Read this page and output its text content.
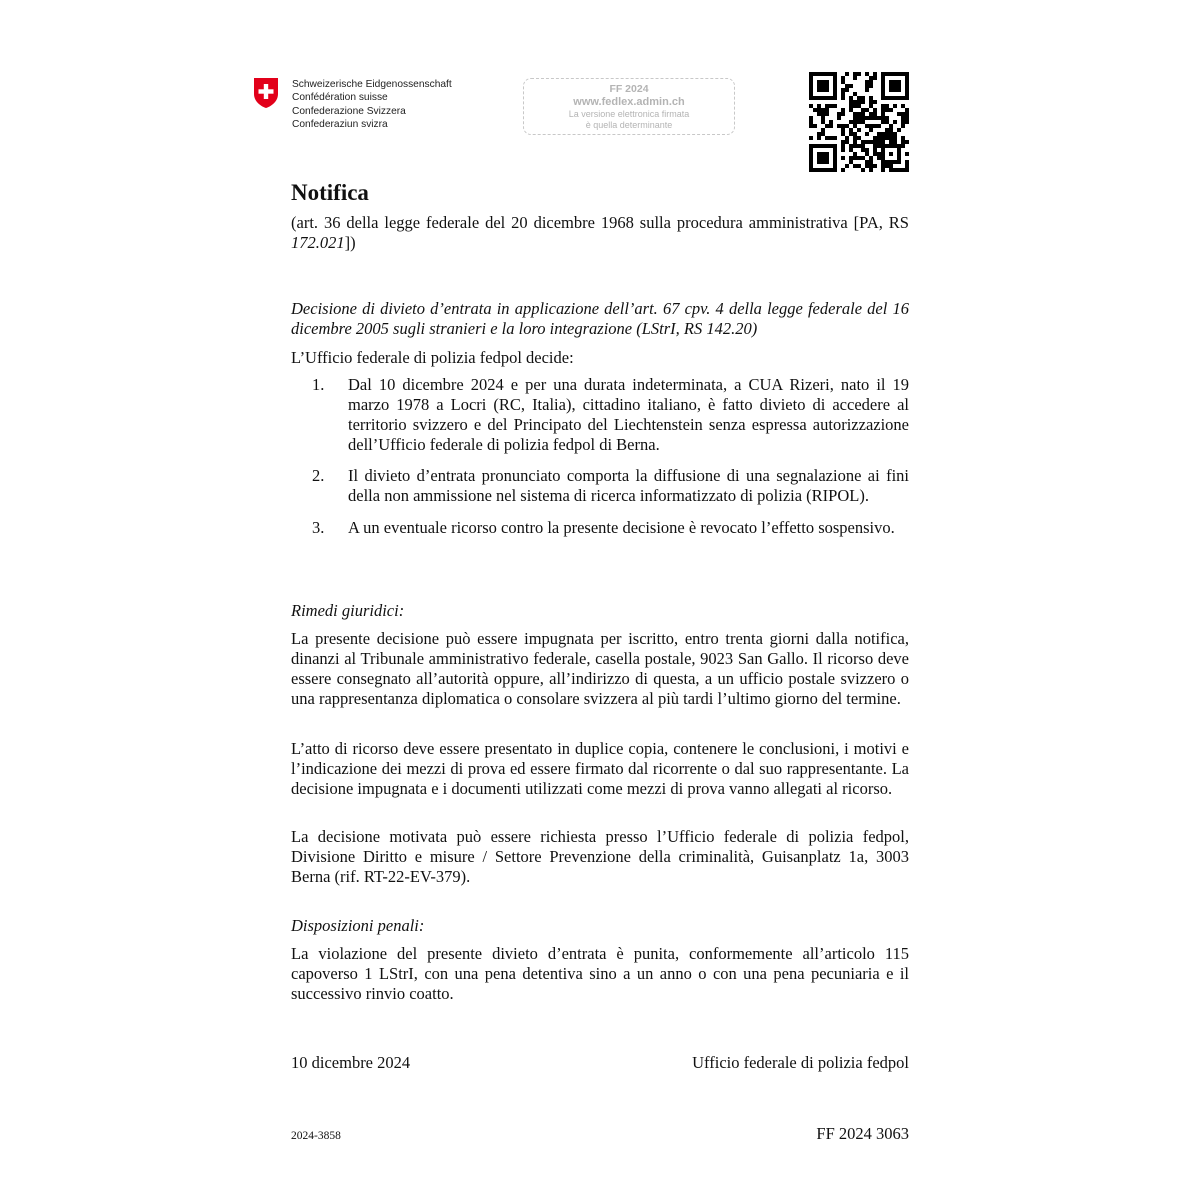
Schweizerische Eidgenossenschaft
Confédération suisse
Confederazione Svizzera
Confederaziun svizra
FF 2024
www.fedlex.admin.ch
La versione elettronica firmata
è quella determinante
Notifica

(art. 36 della legge federale del 20 dicembre 1968 sulla procedura amministrativa [PA, RS 172.021])

Decisione di divieto d’entrata in applicazione dell’art. 67 cpv. 4 della legge federale del 16 dicembre 2005 sugli stranieri e la loro integrazione (LStrI, RS 142.20)
L’Ufficio federale di polizia fedpol decide:
1. Dal 10 dicembre 2024 e per una durata indeterminata, a CUA Rizeri, nato il 19 marzo 1978 a Locri (RC, Italia), cittadino italiano, è fatto divieto di accedere al territorio svizzero e del Principato del Liechtenstein senza espressa autorizzazione dell’Ufficio federale di polizia fedpol di Berna.
2. Il divieto d’entrata pronunciato comporta la diffusione di una segnalazione ai fini della non ammissione nel sistema di ricerca informatizzato di polizia (RIPOL).
3. A un eventuale ricorso contro la presente decisione è revocato l’effetto sospensivo.
Rimedi giuridici:
La presente decisione può essere impugnata per iscritto, entro trenta giorni dalla notifica, dinanzi al Tribunale amministrativo federale, casella postale, 9023 San Gallo. Il ricorso deve essere consegnato all’autorità oppure, all’indirizzo di questa, a un ufficio postale svizzero o una rappresentanza diplomatica o consolare svizzera al più tardi l’ultimo giorno del termine.
L’atto di ricorso deve essere presentato in duplice copia, contenere le conclusioni, i motivi e l’indicazione dei mezzi di prova ed essere firmato dal ricorrente o dal suo rappresentante. La decisione impugnata e i documenti utilizzati come mezzi di prova vanno allegati al ricorso.
La decisione motivata può essere richiesta presso l’Ufficio federale di polizia fedpol, Divisione Diritto e misure / Settore Prevenzione della criminalità, Guisanplatz 1a, 3003 Berna (rif. RT-22-EV-379).
Disposizioni penali:
La violazione del presente divieto d’entrata è punita, conformemente all’articolo 115 capoverso 1 LStrI, con una pena detentiva sino a un anno o con una pena pecuniaria e il successivo rinvio coatto.
10 dicembre 2024	Ufficio federale di polizia fedpol
2024-3858	FF 2024 3063
